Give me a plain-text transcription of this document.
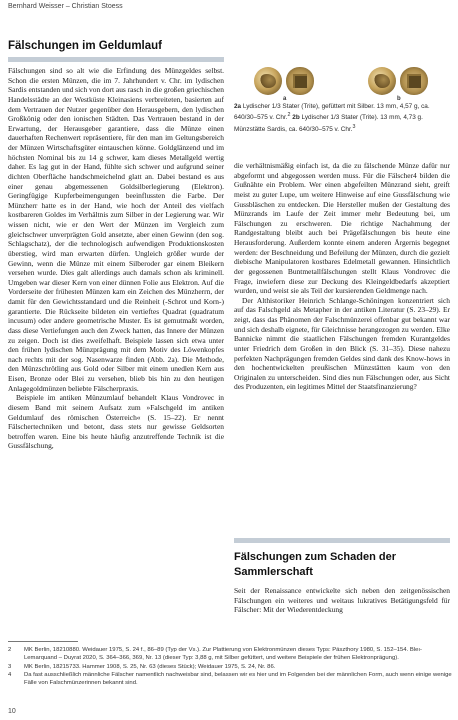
Bernhard Weisser – Christian Stoess
Fälschungen im Geldumlauf

Fälschungen sind so alt wie die Erfindung des Münzgeldes selbst. Schon die ersten Münzen, die im 7. Jahrhundert v. Chr. im lydischen Sardis entstanden und sich von dort aus rasch in die großen griechischen Handelsstädte an der Westküste Kleinasiens verbreiteten, basierten auf dem Vertrauen der Nutzer gegenüber den Herausgebern, den lydischen Großkönig oder den ionischen Städten. Das Vertrauen bestand in der Erwartung, der Herausgeber garantiere, dass die Münze einen dauerhaften Rechenwert repräsentiere, für den man im Geltungsbereich der Münzen Wirtschaftsgüter eintauschen könne. Goldglänzend und im höchsten Nominal bis zu 14 g schwer, kam dieses Metallgeld wertig daher. Es lag gut in der Hand, fühlte sich schwer und aufgrund seiner dichten Oberfläche handschmeichelnd glatt an. Dabei bestand es aus einer genau abgemessenen Goldsilberlegierung (Elektron). Geringfügige Kupferbeimengungen beeinflussten die Farbe. Der Münzherr hatte es in der Hand, wie hoch der Anteil des vielfach kostbareren Goldes im Verhältnis zum Silber in der Legierung war. Wir wissen nicht, wie er den Wert der Münzen im Vergleich zum gleichschwer unverprägten Gold ansetzte, aber einen Gewinn (den sog. Schlagschatz), der die technologisch aufwendigen Produktionskosten überstieg, wird man erwarten dürfen. Ungleich größer wurde der Gewinn, wenn die Münze mit einem Silberoder gar einem Bleikern versehen wurde. Dies galt allerdings auch damals schon als kriminell. Umgeben war dieser Kern von einer dünnen Folie aus Elektron. Auf die Vorderseite der frühesten Münzen kam ein Zeichen des Münzherrn, der damit für den Gewichtsstandard und die Reinheit (-Schrot und Korn-) garantierte. Die Rückseite bildeten ein vertieftes Quadrat (quadratum incusum) oder andere geometrische Muster. Es ist gemutmaßt worden, dass diese Vertiefungen auch den Zweck hatten, das Innere der Münzen zu zeigen. Doch ist dies zweifelhaft. Beispiele lassen sich etwa unter den frühen lydischen Münzprägung mit dem Motiv des Löwenkopfes nach rechts mit der sog. Nasenwarze finden (Abb. 2a). Die Methode, den Münzschrötling aus Gold oder Silber mit einem unedlen Kern aus Eisen, Bronze oder Blei zu versehen, blieb bis hin zu den heutigen Anlagegoldmünzen beliebte Fälscherpraxis.

Beispiele im antiken Münzumlauf behandelt Klaus Vondrovec in diesem Band mit seinem Aufsatz zum »Falschgeld im antiken Geldumlauf des römischen Österreich« (S. 15–22). Er nennt Fälschertechniken und betont, dass stets nur gewisse Geldsorten betroffen waren. Eine bis heute häufig anzutreffende Technik ist die Gussfälschung,

a	b
2a Lydischer 1/3 Stater (Trite), gefüttert mit Silber. 13 mm, 4,57 g, ca. 640/30–575 v. Chr.$^2$ 2b Lydischer 1/3 Stater (Trite). 13 mm, 4,73 g. Münzstätte Sardis, ca. 640/30–575 v. Chr.$^3$

die verhältnismäßig einfach ist, da die zu fälschende Münze dafür nur abgeformt und abgegossen werden muss. Für die Fälscher4 bilden die Gußnähte ein Problem. Wer einen abgefeilten Münzrand sieht, greift meist zu guter Lupe, um weitere Hinweise auf eine Gussfälschung wie Gussbläschen zu entdecken. Die Hersteller mußen der Gestaltung des Münzrands im Laufe der Zeit immer mehr Bedeutung bei, um Fälschungen zu erschweren. Die richtige Nachahmung der Randgestaltung bleibt auch bei Prägefälschungen bis heute eine Herausforderung. Außerdem konnte einem anderen Ärgernis begegnet werden: der Beschneidung und Befeilung der Münzen, durch die gezielt diebische Manipulatoren kostbares Edelmetall gewannen. Hinsichtlich der gegossenen Buntmetallfälschungen stellt Klaus Vondrovec die Frage, inwiefern diese zur Deckung des Kleingeldbedarfs akzeptiert wurden, und weist sie als Teil der kursierenden Geldmenge nach.

Der Althistoriker Heinrich Schlange-Schöningen konzentriert sich auf das Falschgeld als Metapher in der antiken Literatur (S. 23–29). Er zeigt, dass das Phänomen der Falschmünzerei offenbar gut bekannt war und sich deshalb eignete, für Gleichnisse herangezogen zu werden. Elke Bannicke nimmt die staatlichen Fälschungen fremden Kurantgeldes unter Friedrich dem Großen in den Blick (S. 31–35). Diese nahezu perfekten Nachprägungen fremden Geldes sind dank des Know-hows in den hochentwickelten preußischen Münzstätten kaum von den Originalen zu unterscheiden. Sind dies nun Fälschungen oder, aus Sicht des Produzenten, ein legitimes Mittel der Staatsfinanzierung?

Fälschungen zum Schaden der Sammlerschaft

Seit der Renaissance entwickelte sich neben den zeitgenössischen Fälschungen ein weiteres und weitaus lukratives Betätigungsfeld für Fälscher: Mit der Wiederentdeckung

2	MK Berlin, 18210880. Weidauer 1975, S. 24 f., 86–89 (Typ der Vs.). Zur Plattierung von Elektronmünzen dieses Typs: Pászthory 1980, S. 152–154. Bleı-Lemarquand – Duyrat 2020, S. 364–366, 369, Nr. 13 (dieser Typ: 3,88 g, mit Silber gefüttert, und weitere Beispiele der frühen Elektronprägung).
3	MK Berlin, 18215733. Hammer 1908, S. 25, Nr. 63 (dieses Stück); Weidauer 1975, S. 24, Nr. 86.
4	Da fast ausschließlich männliche Fälscher namentlich nachweisbar sind, belassen wir es hier und im Folgenden bei der männlichen Form, auch wenn einige wenige Fälle von Falschmünzerinnen bekannt sind.
10
